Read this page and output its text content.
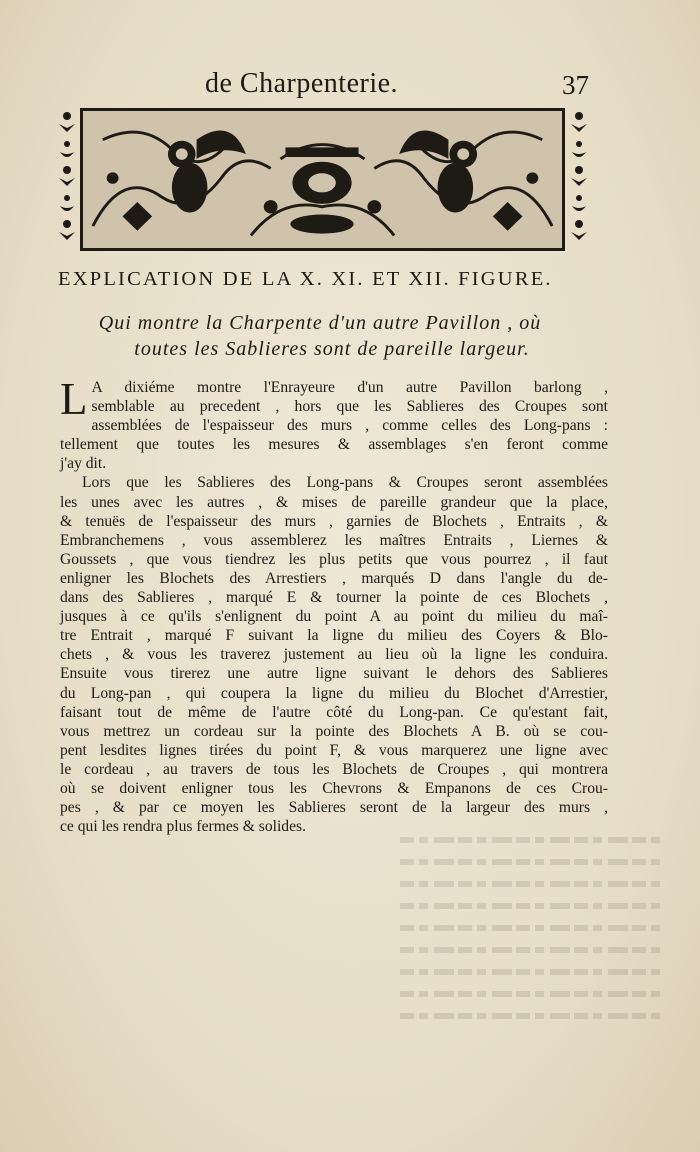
de Charpenterie.	37
EXPLICATION DE LA X. XI. ET XII. FIGURE.
Qui montre la Charpente d'un autre Pavillon , où
toutes les Sablieres sont de pareille largeur.
L A dixiéme montre l'Enrayeure d'un autre Pavillon barlong ,
semblable au precedent , hors que les Sablieres des Croupes sont
assemblées de l'espaisseur des murs , comme celles des Long-pans :
tellement que toutes les mesures & assemblages s'en feront comme
j'ay dit.
Lors que les Sablieres des Long-pans & Croupes seront assemblées
les unes avec les autres , & mises de pareille grandeur que la place,
& tenuës de l'espaisseur des murs , garnies de Blochets , Entraits , &
Embranchemens , vous assemblerez les maîtres Entraits , Liernes &
Goussets , que vous tiendrez les plus petits que vous pourrez , il faut
enligner les Blochets des Arrestiers , marqués D dans l'angle du de-
dans des Sablieres , marqué E & tourner la pointe de ces Blochets ,
jusques à ce qu'ils s'enlignent du point A au point du milieu du maî-
tre Entrait , marqué F suivant la ligne du milieu des Coyers & Blo-
chets , & vous les traverez justement au lieu où la ligne les conduira.
Ensuite vous tirerez une autre ligne suivant le dehors des Sablieres
du Long-pan , qui coupera la ligne du milieu du Blochet d'Arrestier,
faisant tout de même de l'autre côté du Long-pan. Ce qu'estant fait,
vous mettrez un cordeau sur la pointe des Blochets A B. où se cou-
pent lesdites lignes tirées du point F, & vous marquerez une ligne avec
le cordeau , au travers de tous les Blochets de Croupes , qui montrera
où se doivent enligner tous les Chevrons & Empanons de ces Crou-
pes , & par ce moyen les Sablieres seront de la largeur des murs ,
ce qui les rendra plus fermes & solides.
